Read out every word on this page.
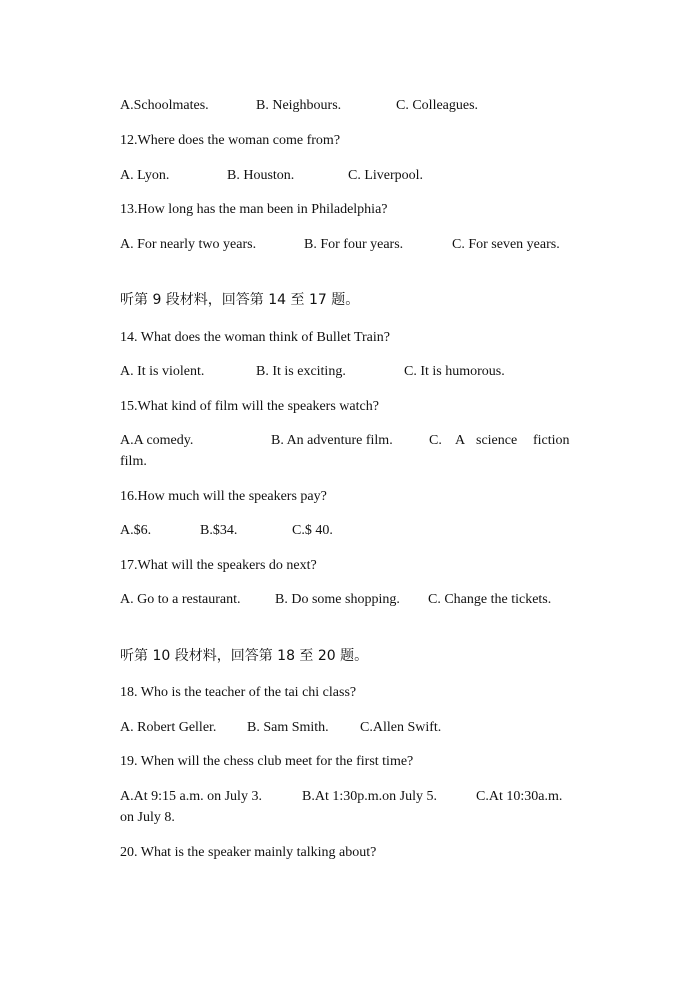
A.Schoolmates.	B. Neighbours.	C. Colleagues.
12.Where does the woman come from?
A. Lyon.	B. Houston.	C. Liverpool.
13.How long has the man been in Philadelphia?
A. For nearly two years.	B. For four years.	C. For seven years.
听第 9 段材料，回答第 14 至 17 题。
14. What does the woman think of Bullet Train?
A. It is violent.	B. It is exciting.	C. It is humorous.
15.What kind of film will the speakers watch?
A.A comedy.	B. An adventure film.	C. A science fiction
film.
16.How much will the speakers pay?
A.$6.	B.$34.	C.$ 40.
17.What will the speakers do next?
A. Go to a restaurant. B. Do some shopping. C. Change the tickets.
听第 10 段材料，回答第 18 至 20 题。
18. Who is the teacher of the tai chi class?
A. Robert Geller. B. Sam Smith. C.Allen Swift.
19. When will the chess club meet for the first time?
A.At 9:15 a.m. on July 3.	B.At 1:30p.m.on July 5.	C.At 10:30a.m.
on July 8.
20. What is the speaker mainly talking about?
